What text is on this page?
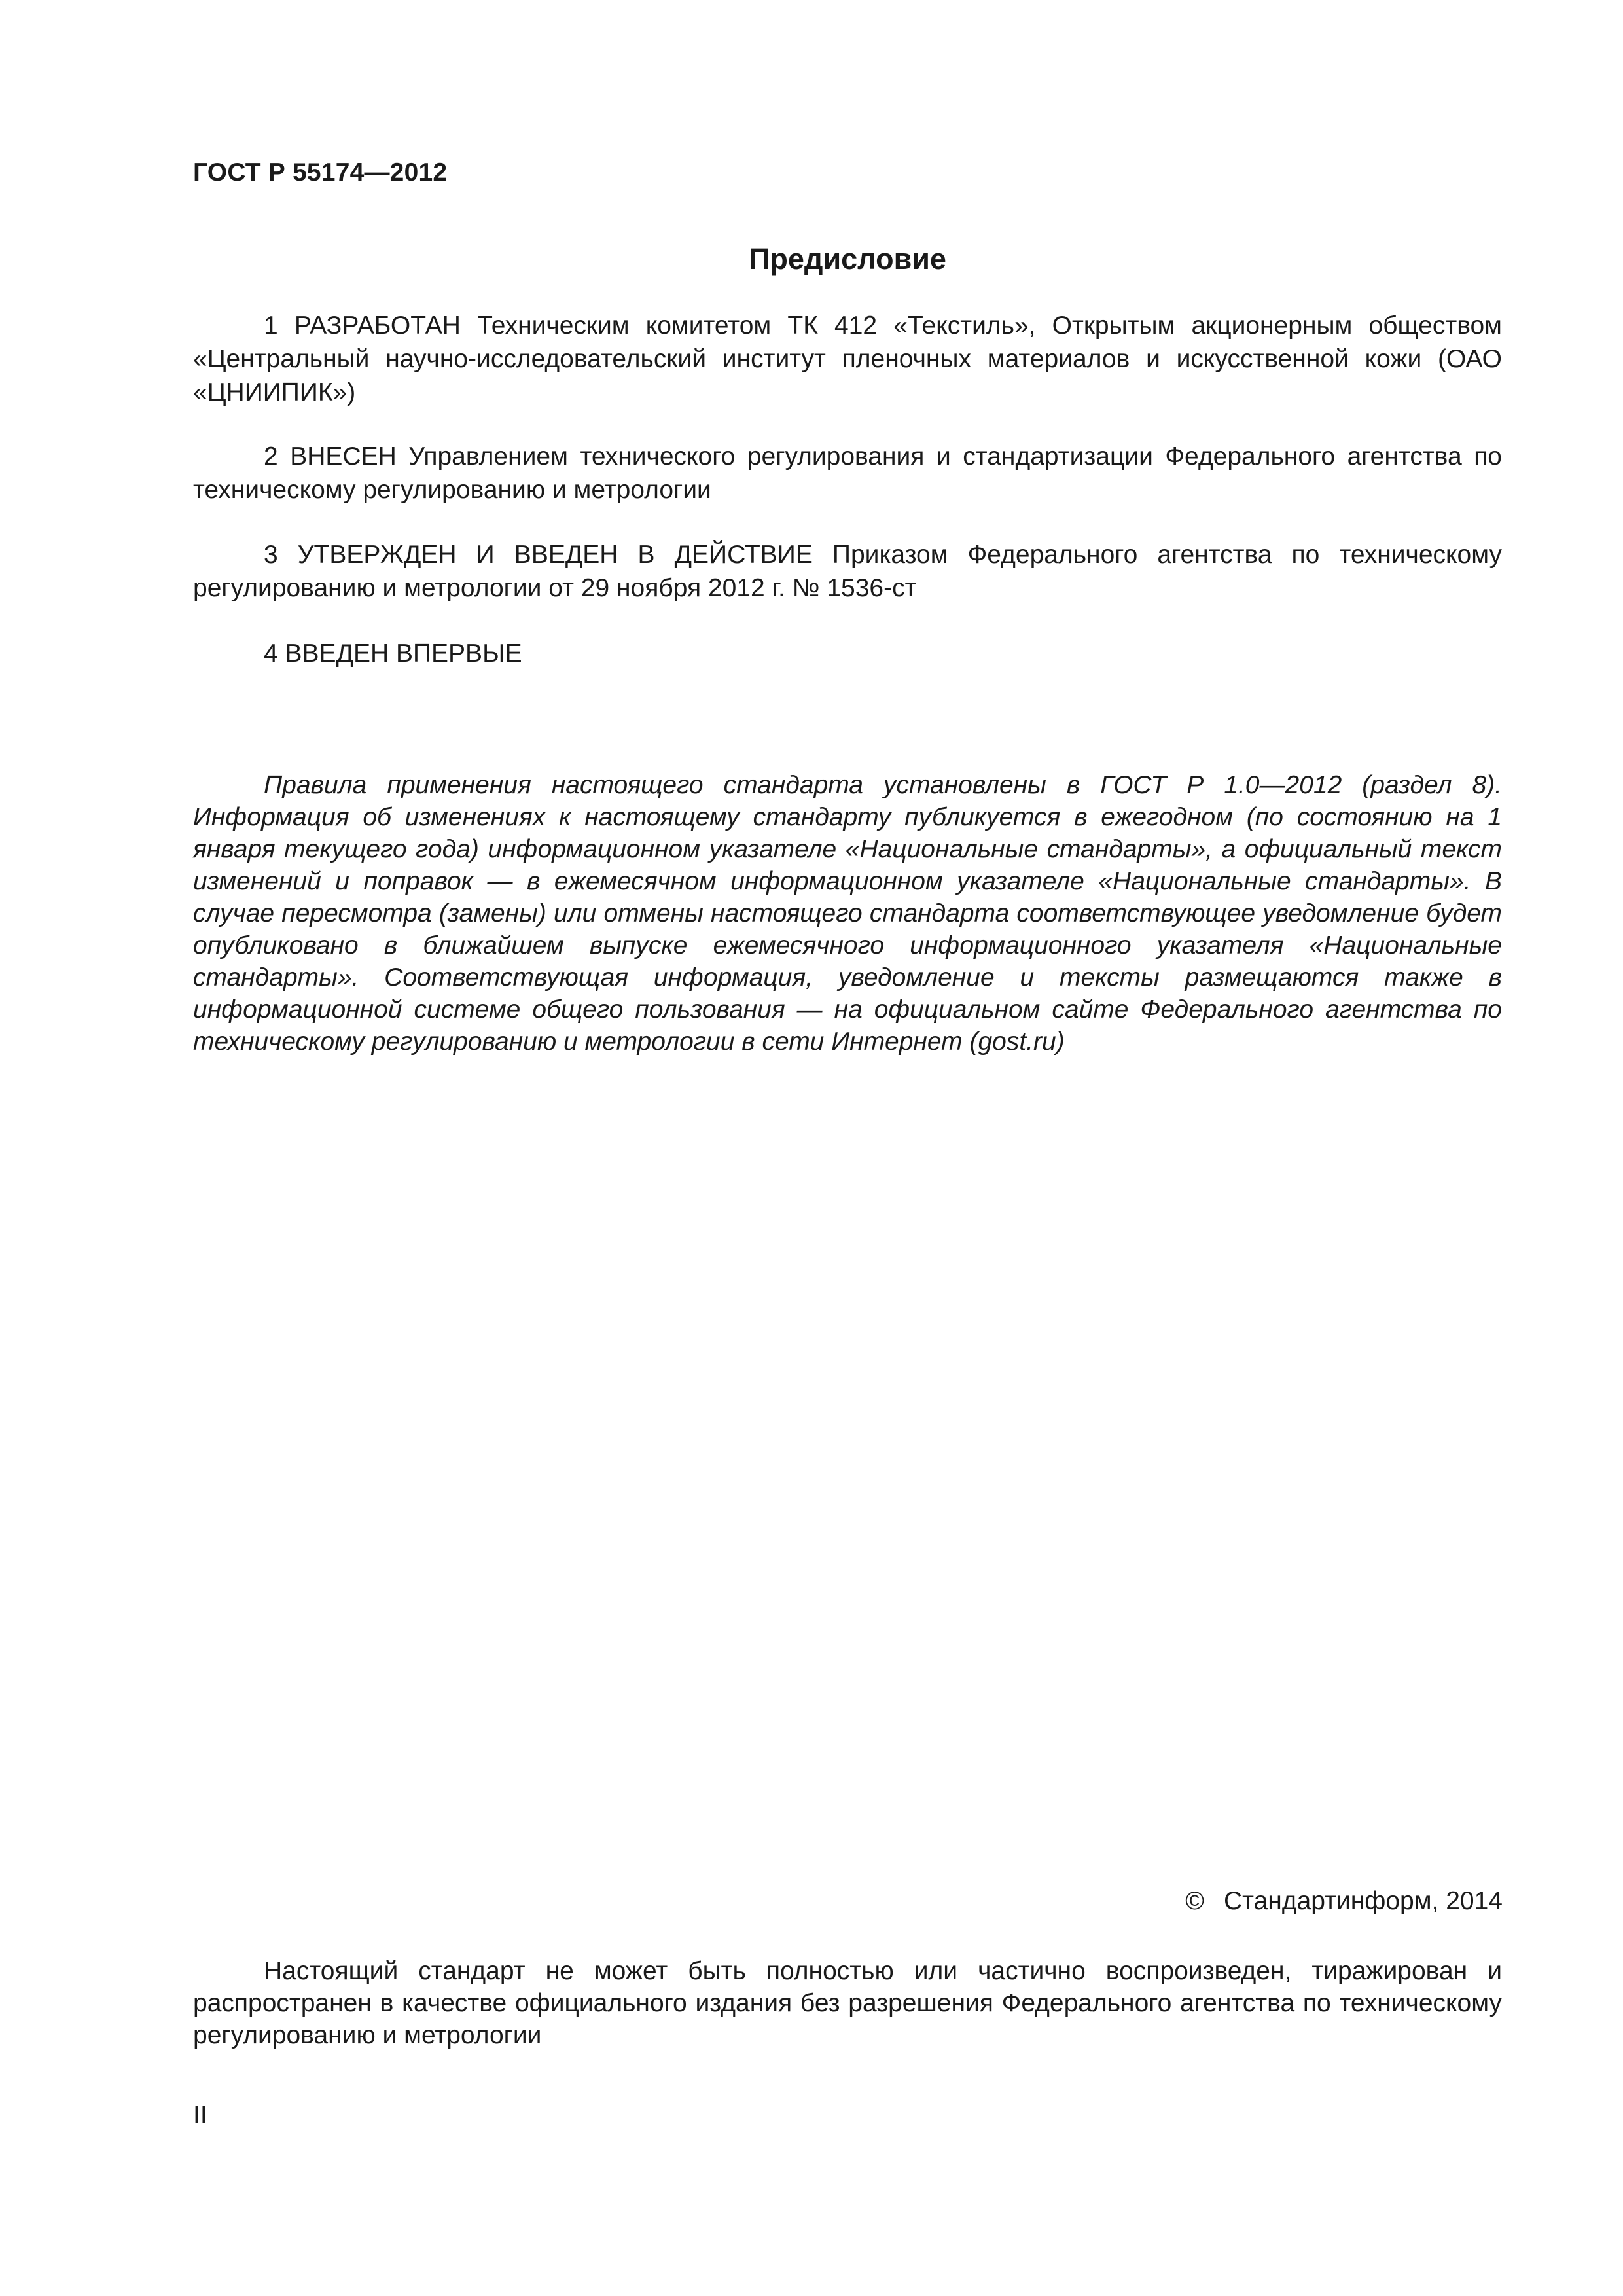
ГОСТ Р 55174—2012
Предисловие

1 РАЗРАБОТАН Техническим комитетом ТК 412 «Текстиль», Открытым акционерным обществом «Центральный научно-исследовательский институт пленочных материалов и искусственной кожи (ОАО «ЦНИИПИК»)

2 ВНЕСЕН Управлением технического регулирования и стандартизации Федерального агентства по техническому регулированию и метрологии

3 УТВЕРЖДЕН И ВВЕДЕН В ДЕЙСТВИЕ Приказом Федерального агентства по техническому регулированию и метрологии от 29 ноября 2012 г. № 1536-ст

4 ВВЕДЕН ВПЕРВЫЕ

Правила применения настоящего стандарта установлены в ГОСТ Р 1.0—2012 (раздел 8). Информация об изменениях к настоящему стандарту публикуется в ежегодном (по состоянию на 1 января текущего года) информационном указателе «Национальные стандарты», а официальный текст изменений и поправок — в ежемесячном информационном указателе «Национальные стандарты». В случае пересмотра (замены) или отмены настоящего стандарта соответствующее уведомление будет опубликовано в ближайшем выпуске ежемесячного информационного указателя «Национальные стандарты». Соответствующая информация, уведомление и тексты размещаются также в информационной системе общего пользования — на официальном сайте Федерального агентства по техническому регулированию и метрологии в сети Интернет (gost.ru)

© Стандартинформ, 2014

Настоящий стандарт не может быть полностью или частично воспроизведен, тиражирован и распространен в качестве официального издания без разрешения Федерального агентства по техническому регулированию и метрологии

II
